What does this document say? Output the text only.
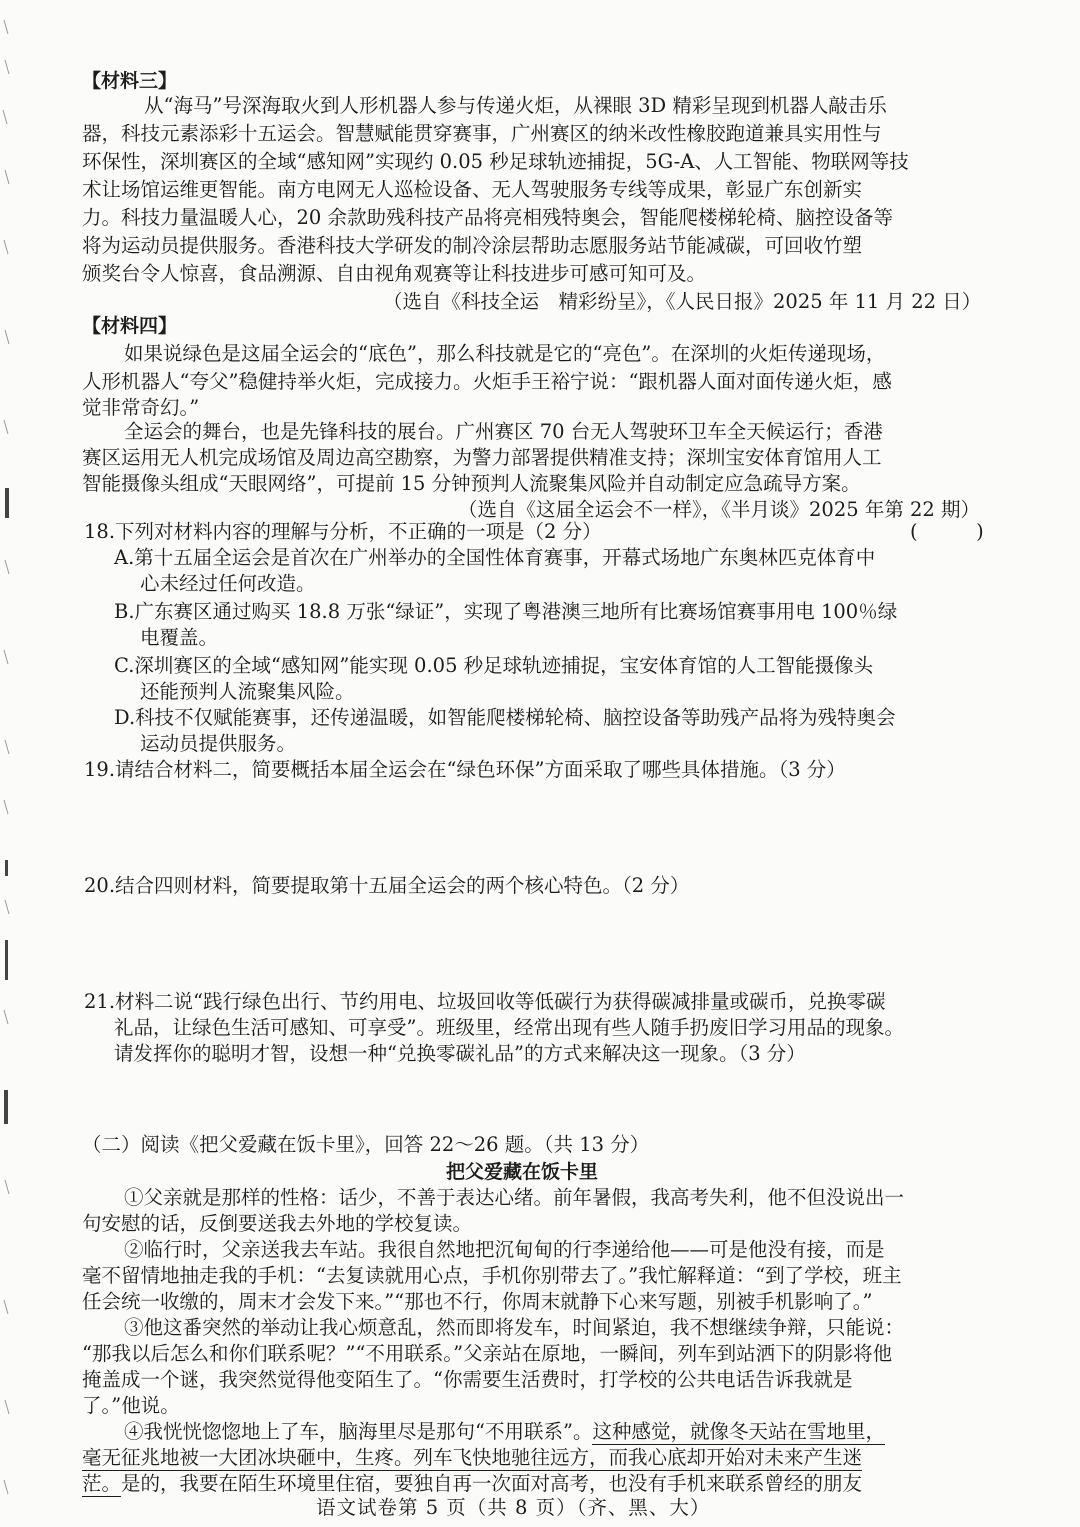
【材料三】
从“海马”号深海取火到人形机器人参与传递火炬，从裸眼 3D 精彩呈现到机器人敲击乐
器，科技元素添彩十五运会。智慧赋能贯穿赛事，广州赛区的纳米改性橡胶跑道兼具实用性与
环保性，深圳赛区的全域“感知网”实现约 0.05 秒足球轨迹捕捉，5G-A、人工智能、物联网等技
术让场馆运维更智能。南方电网无人巡检设备、无人驾驶服务专线等成果，彰显广东创新实
力。科技力量温暖人心，20 余款助残科技产品将亮相残特奥会，智能爬楼梯轮椅、脑控设备等
将为运动员提供服务。香港科技大学研发的制冷涂层帮助志愿服务站节能减碳，可回收竹塑
颁奖台令人惊喜，食品溯源、自由视角观赛等让科技进步可感可知可及。
（选自《科技全运　精彩纷呈》，《人民日报》2025 年 11 月 22 日）
【材料四】
如果说绿色是这届全运会的“底色”，那么科技就是它的“亮色”。在深圳的火炬传递现场，
人形机器人“夸父”稳健持举火炬，完成接力。火炬手王裕宁说：“跟机器人面对面传递火炬，感
觉非常奇幻。”
全运会的舞台，也是先锋科技的展台。广州赛区 70 台无人驾驶环卫车全天候运行；香港
赛区运用无人机完成场馆及周边高空勘察，为警力部署提供精准支持；深圳宝安体育馆用人工
智能摄像头组成“天眼网络”，可提前 15 分钟预判人流聚集风险并自动制定应急疏导方案。
（选自《这届全运会不一样》，《半月谈》2025 年第 22 期）
18.下列对材料内容的理解与分析，不正确的一项是（2 分）	(　　　)
A.第十五届全运会是首次在广州举办的全国性体育赛事，开幕式场地广东奥林匹克体育中
心未经过任何改造。
B.广东赛区通过购买 18.8 万张“绿证”，实现了粤港澳三地所有比赛场馆赛事用电 100％绿
电覆盖。
C.深圳赛区的全域“感知网”能实现 0.05 秒足球轨迹捕捉，宝安体育馆的人工智能摄像头
还能预判人流聚集风险。
D.科技不仅赋能赛事，还传递温暖，如智能爬楼梯轮椅、脑控设备等助残产品将为残特奥会
运动员提供服务。
19.请结合材料二，简要概括本届全运会在“绿色环保”方面采取了哪些具体措施。（3 分）
20.结合四则材料，简要提取第十五届全运会的两个核心特色。（2 分）
21.材料二说“践行绿色出行、节约用电、垃圾回收等低碳行为获得碳减排量或碳币，兑换零碳
礼品，让绿色生活可感知、可享受”。班级里，经常出现有些人随手扔废旧学习用品的现象。
请发挥你的聪明才智，设想一种“兑换零碳礼品”的方式来解决这一现象。（3 分）
（二）阅读《把父爱藏在饭卡里》，回答 22～26 题。（共 13 分）
把父爱藏在饭卡里
①父亲就是那样的性格：话少，不善于表达心绪。前年暑假，我高考失利，他不但没说出一
句安慰的话，反倒要送我去外地的学校复读。
②临行时，父亲送我去车站。我很自然地把沉甸甸的行李递给他——可是他没有接，而是
毫不留情地抽走我的手机：“去复读就用心点，手机你别带去了。”我忙解释道：“到了学校，班主
任会统一收缴的，周末才会发下来。”“那也不行，你周末就静下心来写题，别被手机影响了。”
③他这番突然的举动让我心烦意乱，然而即将发车，时间紧迫，我不想继续争辩，只能说：
“那我以后怎么和你们联系呢？”“不用联系。”父亲站在原地，一瞬间，列车到站洒下的阴影将他
掩盖成一个谜，我突然觉得他变陌生了。“你需要生活费时，打学校的公共电话告诉我就是
了。”他说。
④我恍恍惚惚地上了车，脑海里尽是那句“不用联系”。这种感觉，就像冬天站在雪地里，
毫无征兆地被一大团冰块砸中，生疼。列车飞快地驰往远方，而我心底却开始对未来产生迷
茫。是的，我要在陌生环境里住宿，要独自再一次面对高考，也没有手机来联系曾经的朋友
语文试卷第 5 页（共 8 页）（齐、黑、大）
